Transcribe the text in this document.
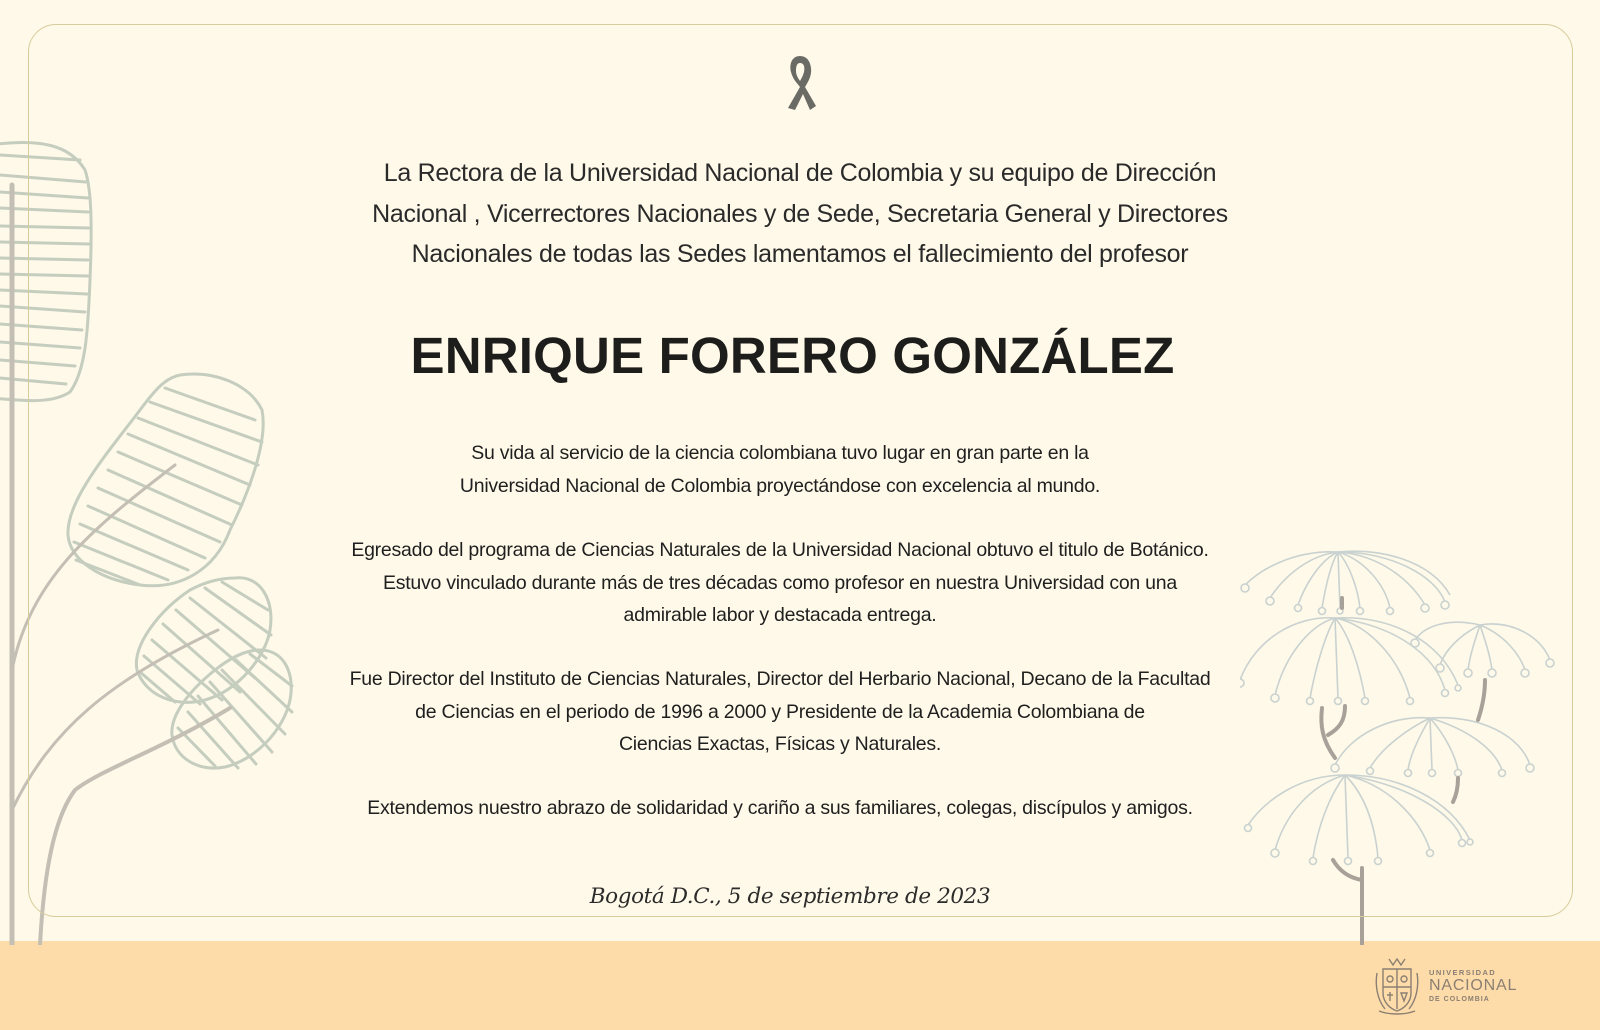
La Rectora de la Universidad Nacional de Colombia y su equipo de Dirección
Nacional , Vicerrectores Nacionales y de Sede, Secretaria General y Directores
Nacionales de todas las Sedes lamentamos el fallecimiento del profesor
ENRIQUE FORERO GONZÁLEZ
Su vida al servicio de la ciencia colombiana tuvo lugar en gran parte en la
Universidad Nacional de Colombia proyectándose con excelencia al mundo.
Egresado del programa de Ciencias Naturales de la Universidad Nacional obtuvo el titulo de Botánico.
Estuvo vinculado durante más de tres décadas como profesor en nuestra Universidad con una
admirable labor y destacada entrega.
Fue Director del Instituto de Ciencias Naturales, Director del Herbario Nacional, Decano de la Facultad
de Ciencias en el periodo de 1996 a 2000 y Presidente de la Academia Colombiana de
Ciencias Exactas, Físicas y Naturales.
Extendemos nuestro abrazo de solidaridad y cariño a sus familiares, colegas, discípulos y amigos.
Bogotá D.C., 5 de septiembre de 2023
UNIVERSIDAD
NACIONAL
DE COLOMBIA
